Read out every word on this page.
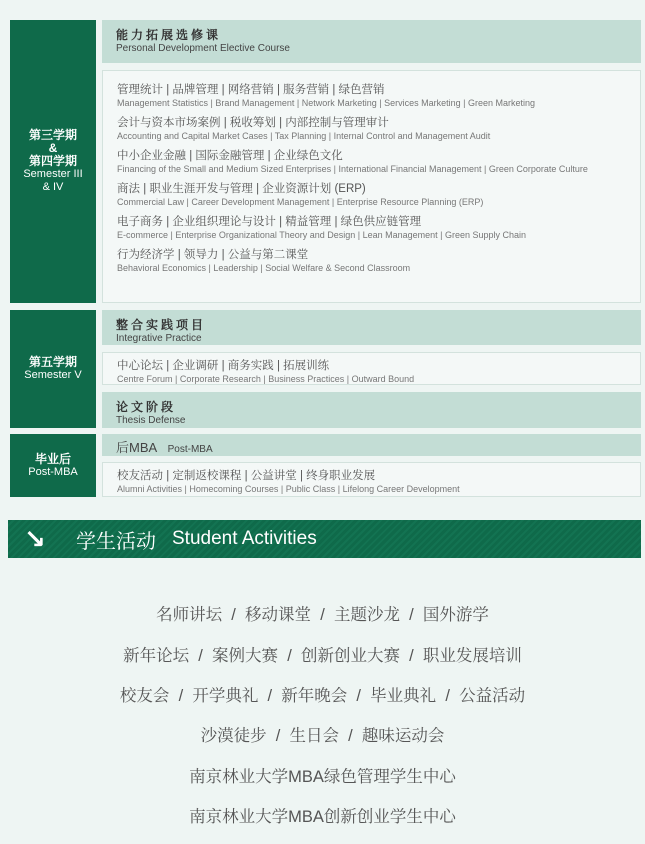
第三学期
&
第四学期
Semester III
& IV
能力拓展选修课
Personal Development Elective Course
管理统计 | 品牌管理 | 网络营销 | 服务营销 | 绿色营销
Management Statistics | Brand Management | Network Marketing | Services Marketing | Green Marketing
会计与资本市场案例 | 税收筹划 | 内部控制与管理审计
Accounting and Capital Market Cases | Tax Planning | Internal Control and Management Audit
中小企业金融 | 国际金融管理 | 企业绿色文化
Financing of the Small and Medium Sized Enterprises | International Financial Management | Green Corporate Culture
商法 | 职业生涯开发与管理 | 企业资源计划 (ERP)
Commercial Law | Career Development Management | Enterprise Resource Planning (ERP)
电子商务 | 企业组织理论与设计 | 精益管理 | 绿色供应链管理
E-commerce | Enterprise Organizational Theory and Design | Lean Management | Green Supply Chain
行为经济学 | 领导力 | 公益与第二课堂
Behavioral Economics | Leadership | Social Welfare & Second Classroom
第五学期
Semester V
整合实践项目
Integrative Practice
中心论坛 | 企业调研 | 商务实践 | 拓展训练
Centre Forum | Corporate Research | Business Practices | Outward Bound
论文阶段
Thesis Defense
毕业后
Post-MBA
后MBA Post-MBA
校友活动 | 定制返校课程 | 公益讲堂 | 终身职业发展
Alumni Activities | Homecoming Courses | Public Class | Lifelong Career Development
↘	学生活动 Student Activities
名师讲坛  /  移动课堂  /  主题沙龙  /  国外游学
新年论坛  /  案例大赛  /  创新创业大赛  /  职业发展培训
校友会  /  开学典礼  /  新年晚会  /  毕业典礼  /  公益活动
沙漠徒步  /  生日会  /  趣味运动会
南京林业大学MBA绿色管理学生中心
南京林业大学MBA创新创业学生中心
